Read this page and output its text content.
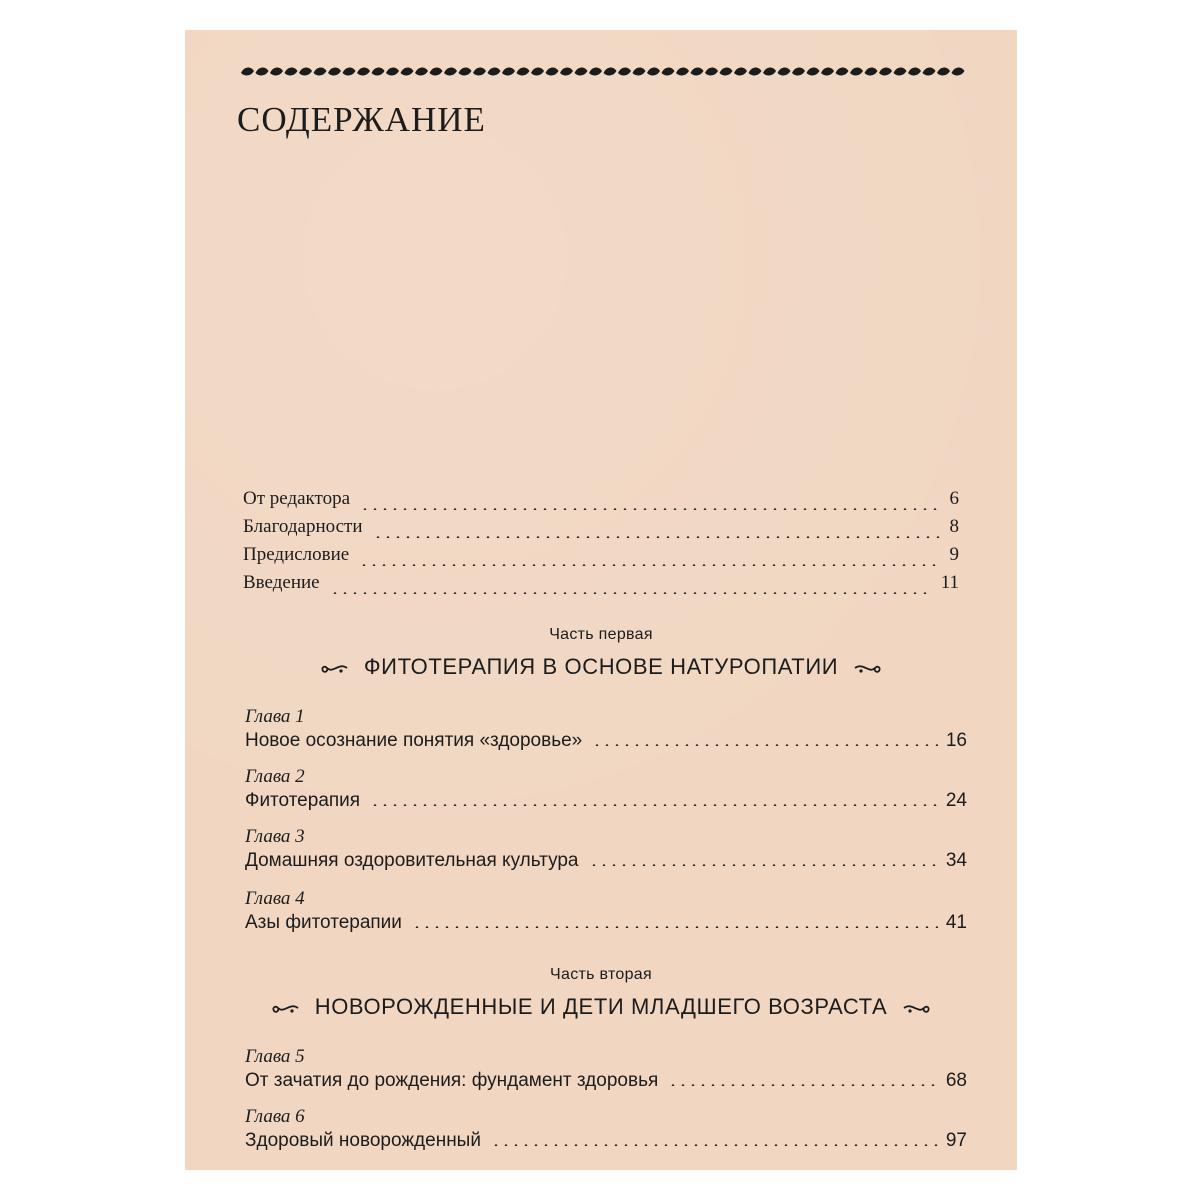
СОДЕРЖАНИЕ
От редактора	6
Благодарности	8
Предисловие	9
Введение	11
Часть первая
ФИТОТЕРАПИЯ В ОСНОВЕ НАТУРОПАТИИ
Глава 1
Новое осознание понятия «здоровье»	16
Глава 2
Фитотерапия	24
Глава 3
Домашняя оздоровительная культура	34
Глава 4
Азы фитотерапии	41
Часть вторая
НОВОРОЖДЕННЫЕ И ДЕТИ МЛАДШЕГО ВОЗРАСТА
Глава 5
От зачатия до рождения: фундамент здоровья	68
Глава 6
Здоровый новорожденный	97
